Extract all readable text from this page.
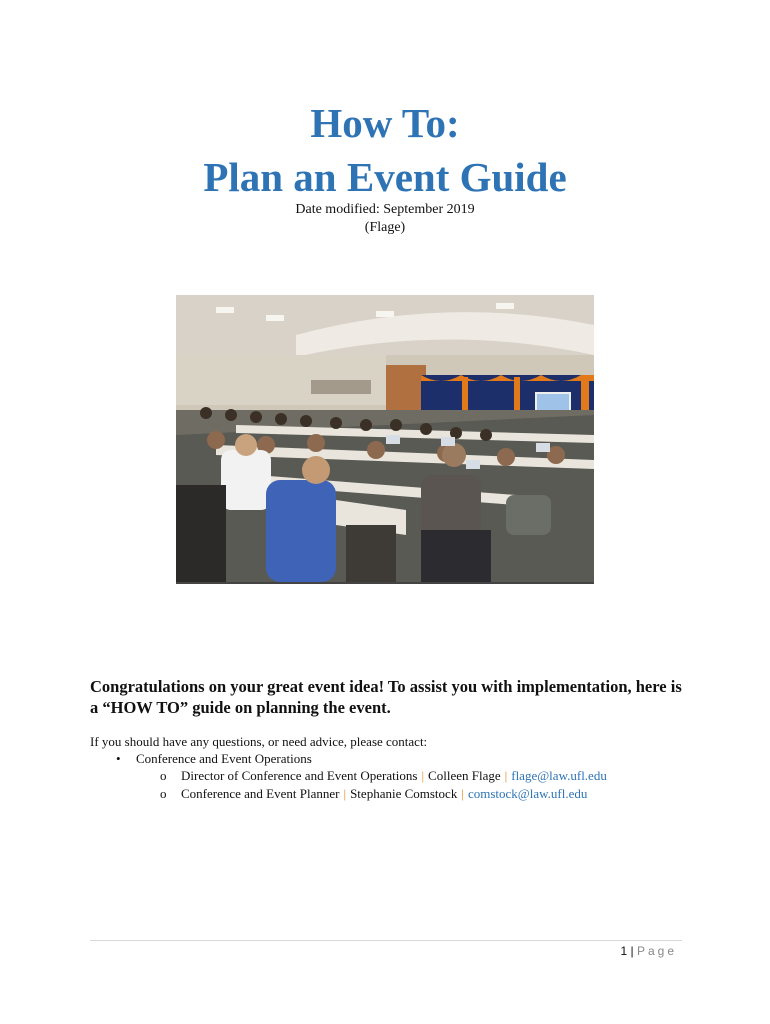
How To:
Plan an Event Guide
Date modified: September 2019
(Flage)
Congratulations on your great event idea! To assist you with implementation, here is a “HOW TO” guide on planning the event.
If you should have any questions, or need advice, please contact:
• Conference and Event Operations
o Director of Conference and Event Operations | Colleen Flage | flage@law.ufl.edu
o Conference and Event Planner | Stephanie Comstock | comstock@law.ufl.edu
1 | Page
